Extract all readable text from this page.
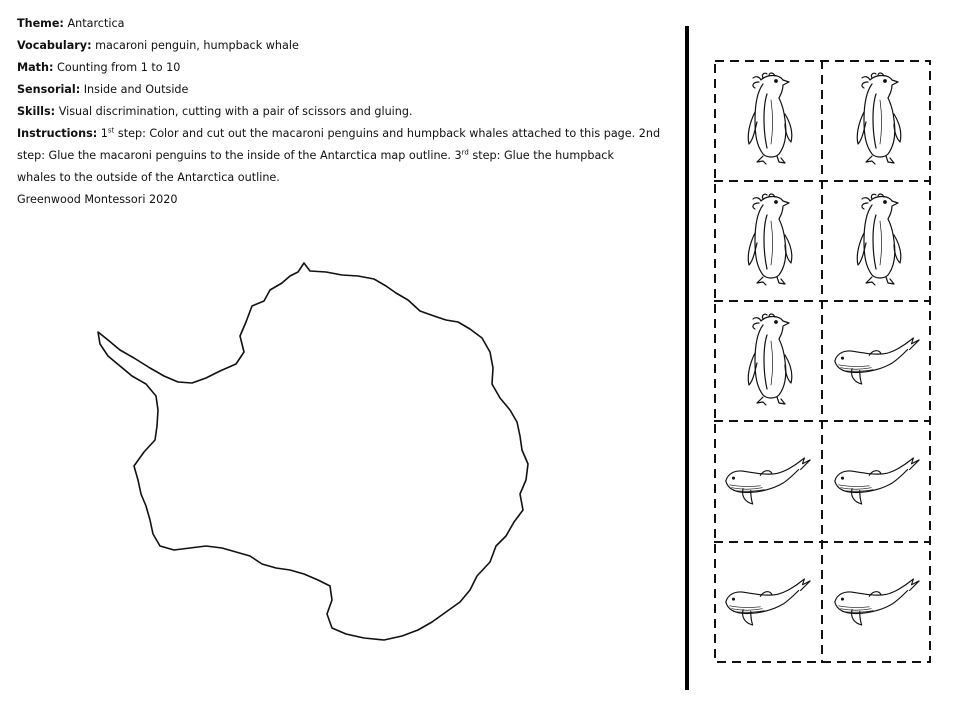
Theme: Antarctica
Vocabulary: macaroni penguin, humpback whale
Math: Counting from 1 to 10
Sensorial: Inside and Outside
Skills: Visual discrimination, cutting with a pair of scissors and gluing.
Instructions: 1st step: Color and cut out the macaroni penguins and humpback whales attached to this page. 2nd
step: Glue the macaroni penguins to the inside of the Antarctica map outline. 3rd step: Glue the humpback
whales to the outside of the Antarctica outline.
Greenwood Montessori 2020
